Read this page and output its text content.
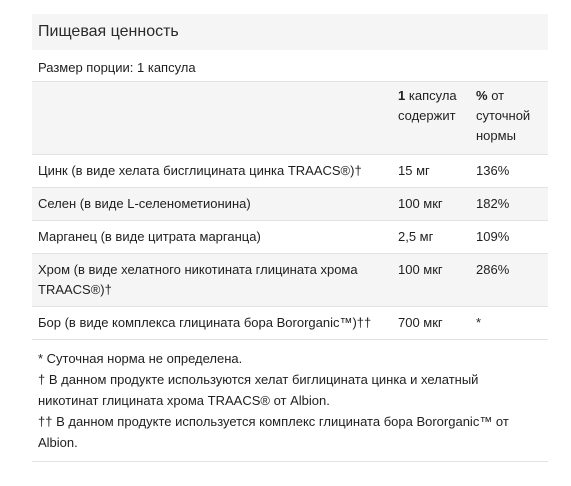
Пищевая ценность
Размер порции: 1 капсула
	1 капсула содержит	% от суточной нормы
Цинк (в виде хелата бисглицината цинка TRAACS®)†	15 мг	136%
Селен (в виде L-селенометионина)	100 мкг	182%
Марганец (в виде цитрата марганца)	2,5 мг	109%
Хром (в виде хелатного никотината глицината хрома TRAACS®)†	100 мкг	286%
Бор (в виде комплекса глицината бора Bororganic™)††	700 мкг	*

* Суточная норма не определена.

† В данном продукте используются хелат биглицината цинка и хелатный никотинат глицината хрома TRAACS® от Albion.

†† В данном продукте используется комплекс глицината бора Bororganic™ от Albion.
